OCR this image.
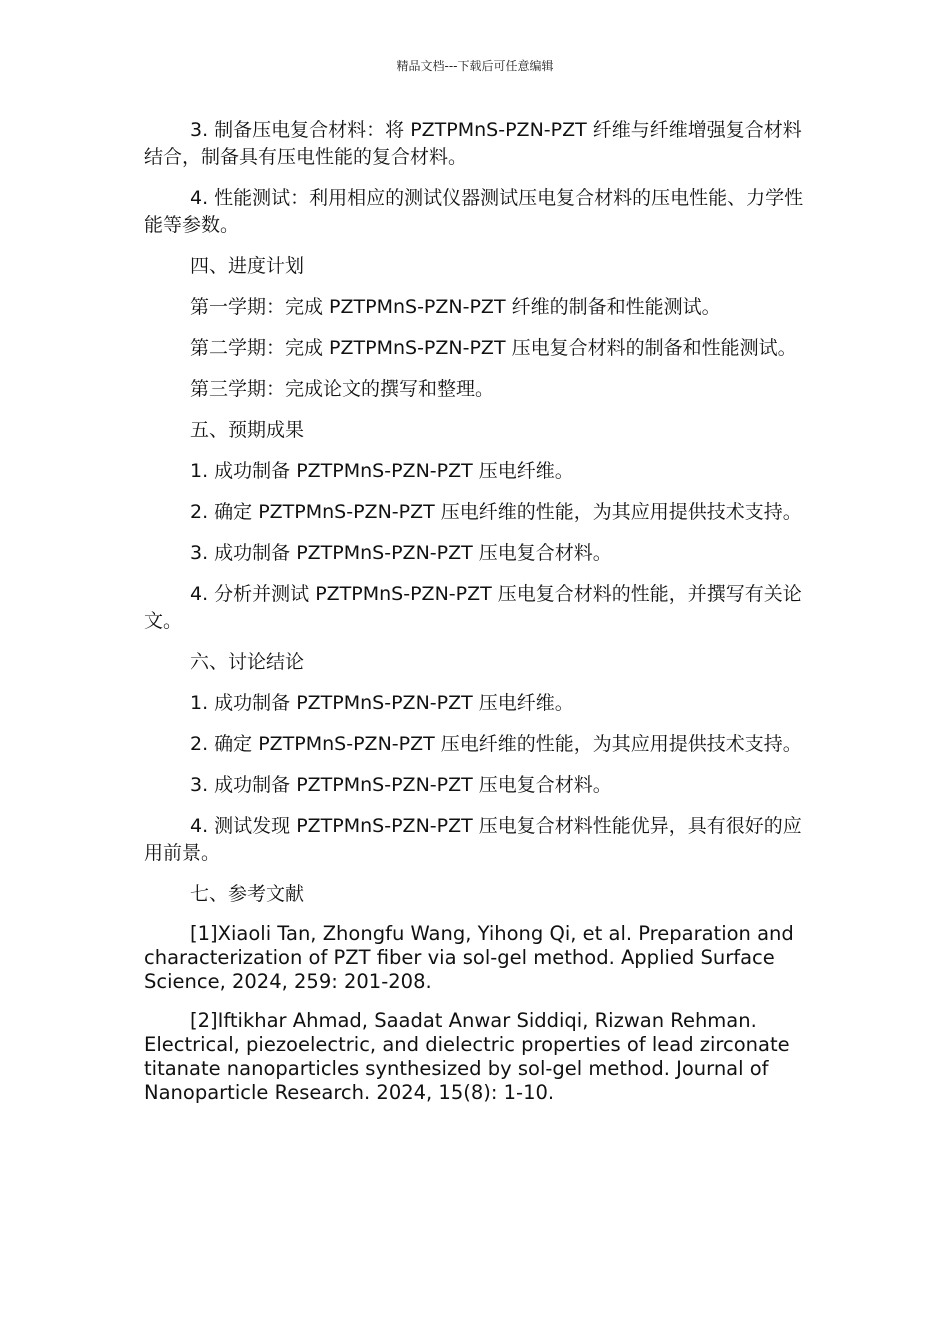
精品文档---下载后可任意编辑

3. 制备压电复合材料：将 PZTPMnS-PZN-PZT 纤维与纤维增强复合材料结合，制备具有压电性能的复合材料。

4. 性能测试：利用相应的测试仪器测试压电复合材料的压电性能、力学性能等参数。

四、进度计划

第一学期：完成 PZTPMnS-PZN-PZT 纤维的制备和性能测试。

第二学期：完成 PZTPMnS-PZN-PZT 压电复合材料的制备和性能测试。

第三学期：完成论文的撰写和整理。

五、预期成果

1. 成功制备 PZTPMnS-PZN-PZT 压电纤维。

2. 确定 PZTPMnS-PZN-PZT 压电纤维的性能，为其应用提供技术支持。

3. 成功制备 PZTPMnS-PZN-PZT 压电复合材料。

4. 分析并测试 PZTPMnS-PZN-PZT 压电复合材料的性能，并撰写有关论文。

六、讨论结论

1. 成功制备 PZTPMnS-PZN-PZT 压电纤维。

2. 确定 PZTPMnS-PZN-PZT 压电纤维的性能，为其应用提供技术支持。

3. 成功制备 PZTPMnS-PZN-PZT 压电复合材料。

4. 测试发现 PZTPMnS-PZN-PZT 压电复合材料性能优异，具有很好的应用前景。

七、参考文献

[1]Xiaoli Tan, Zhongfu Wang, Yihong Qi, et al. Preparation and characterization of PZT fiber via sol-gel method. Applied Surface Science, 2024, 259: 201-208.

[2]Iftikhar Ahmad, Saadat Anwar Siddiqi, Rizwan Rehman. Electrical, piezoelectric, and dielectric properties of lead zirconate titanate nanoparticles synthesized by sol-gel method. Journal of Nanoparticle Research. 2024, 15(8): 1-10.
